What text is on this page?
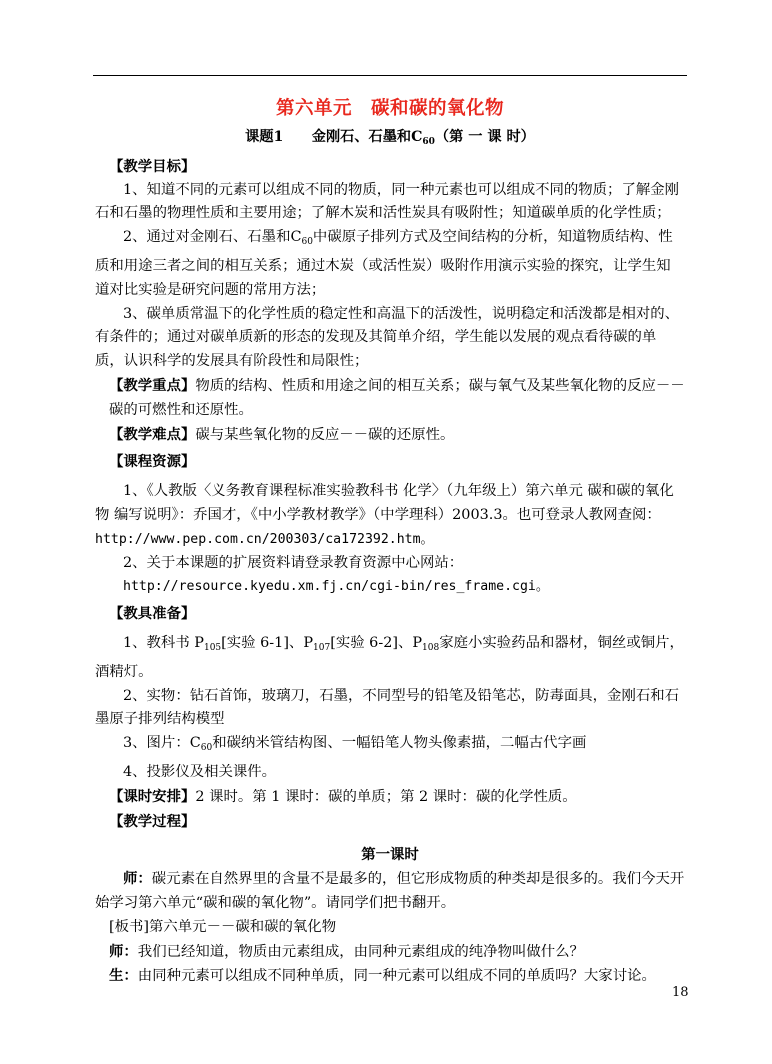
第六单元　碳和碳的氧化物

课题1　　金刚石、石墨和$C_{60}$（第 一 课 时）

【教学目标】

1、知道不同的元素可以组成不同的物质，同一种元素也可以组成不同的物质；了解金刚石和石墨的物理性质和主要用途；了解木炭和活性炭具有吸附性；知道碳单质的化学性质；

2、通过对金刚石、石墨和$C_{60}$中碳原子排列方式及空间结构的分析，知道物质结构、性质和用途三者之间的相互关系；通过木炭（或活性炭）吸附作用演示实验的探究，让学生知道对比实验是研究问题的常用方法；

3、碳单质常温下的化学性质的稳定性和高温下的活泼性，说明稳定和活泼都是相对的、有条件的；通过对碳单质新的形态的发现及其简单介绍，学生能以发展的观点看待碳的单质，认识科学的发展具有阶段性和局限性；

【教学重点】物质的结构、性质和用途之间的相互关系；碳与氧气及某些氧化物的反应－－碳的可燃性和还原性。

【教学难点】碳与某些氧化物的反应－－碳的还原性。

【课程资源】

1、《人教版〈义务教育课程标准实验教科书 化学〉（九年级上）第六单元 碳和碳的氧化物 编写说明》：乔国才，《中小学教材教学》（中学理科）2003.3。也可登录人教网查阅：

http://www.pep.com.cn/200303/ca172392.htm。

2、关于本课题的扩展资料请登录教育资源中心网站：

http://resource.kyedu.xm.fj.cn/cgi-bin/res_frame.cgi。

【教具准备】

1、教科书 $P_{105}$[实验 6-1]、$P_{107}$[实验 6-2]、$P_{108}$家庭小实验药品和器材，铜丝或铜片，酒精灯。

2、实物：钻石首饰，玻璃刀，石墨，不同型号的铅笔及铅笔芯，防毒面具，金刚石和石墨原子排列结构模型

3、图片：$C_{60}$和碳纳米管结构图、一幅铅笔人物头像素描，二幅古代字画

4、投影仪及相关课件。

【课时安排】2 课时。第 1 课时：碳的单质；第 2 课时：碳的化学性质。

【教学过程】

第一课时

师：碳元素在自然界里的含量不是最多的，但它形成物质的种类却是很多的。我们今天开始学习第六单元“碳和碳的氧化物”。请同学们把书翻开。

[板书]第六单元－－碳和碳的氧化物

师：我们已经知道，物质由元素组成，由同种元素组成的纯净物叫做什么？

生：由同种元素可以组成不同种单质，同一种元素可以组成不同的单质吗？大家讨论。

18
